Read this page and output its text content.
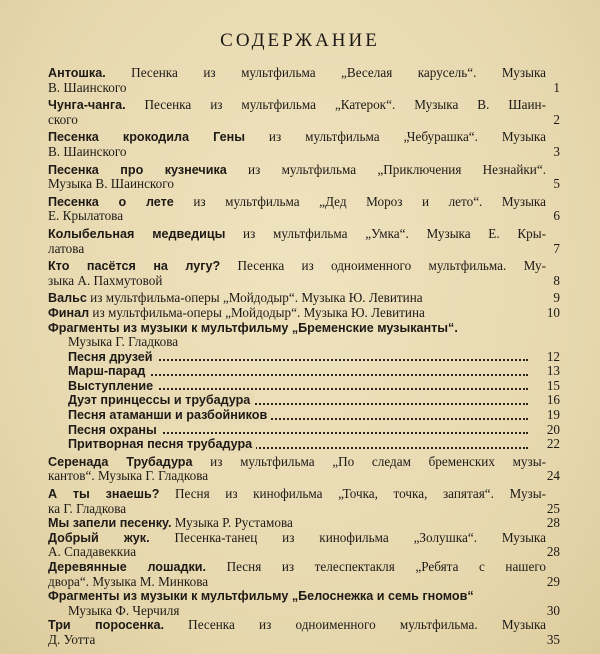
СОДЕРЖАНИЕ
Антошка. Песенка из мультфильма „Веселая карусель“. Музыка
В. Шаинского	1
Чунга-чанга. Песенка из мультфильма „Катерок“. Музыка В. Шаин-
ского	2
Песенка крокодила Гены из мультфильма „Чебурашка“. Музыка
В. Шаинского	3
Песенка про кузнечика из мультфильма „Приключения Незнайки“.
Музыка В. Шаинского	5
Песенка о лете из мультфильма „Дед Мороз и лето“. Музыка
Е. Крылатова	6
Колыбельная медведицы из мультфильма „Умка“. Музыка Е. Кры-
латова	7
Кто пасётся на лугу? Песенка из одноименного мультфильма. Му-
зыка А. Пахмутовой	8
Вальс из мультфильма-оперы „Мойдодыр“. Музыка Ю. Левитина	9
Финал из мультфильма-оперы „Мойдодыр“. Музыка Ю. Левитина	10
Фрагменты из музыки к мультфильму „Бременские музыканты“.
Музыка Г. Гладкова
Песня друзей	12
Марш-парад	13
Выступление	15
Дуэт принцессы и трубадура	16
Песня атаманши и разбойников	19
Песня охраны	20
Притворная песня трубадура	22
Серенада Трубадура из мультфильма „По следам бременских музы-
кантов“. Музыка Г. Гладкова	24
А ты знаешь? Песня из кинофильма „Точка, точка, запятая“. Музы-
ка Г. Гладкова	25
Мы запели песенку. Музыка Р. Рустамова	28
Добрый жук. Песенка-танец из кинофильма „Золушка“. Музыка
А. Спадавеккиа	28
Деревянные лошадки. Песня из телеспектакля „Ребята с нашего
двора“. Музыка М. Минкова	29
Фрагменты из музыки к мультфильму „Белоснежка и семь гномов“
Музыка Ф. Черчиля	30
Три поросенка. Песенка из одноименного мультфильма. Музыка
Д. Уотта	35
